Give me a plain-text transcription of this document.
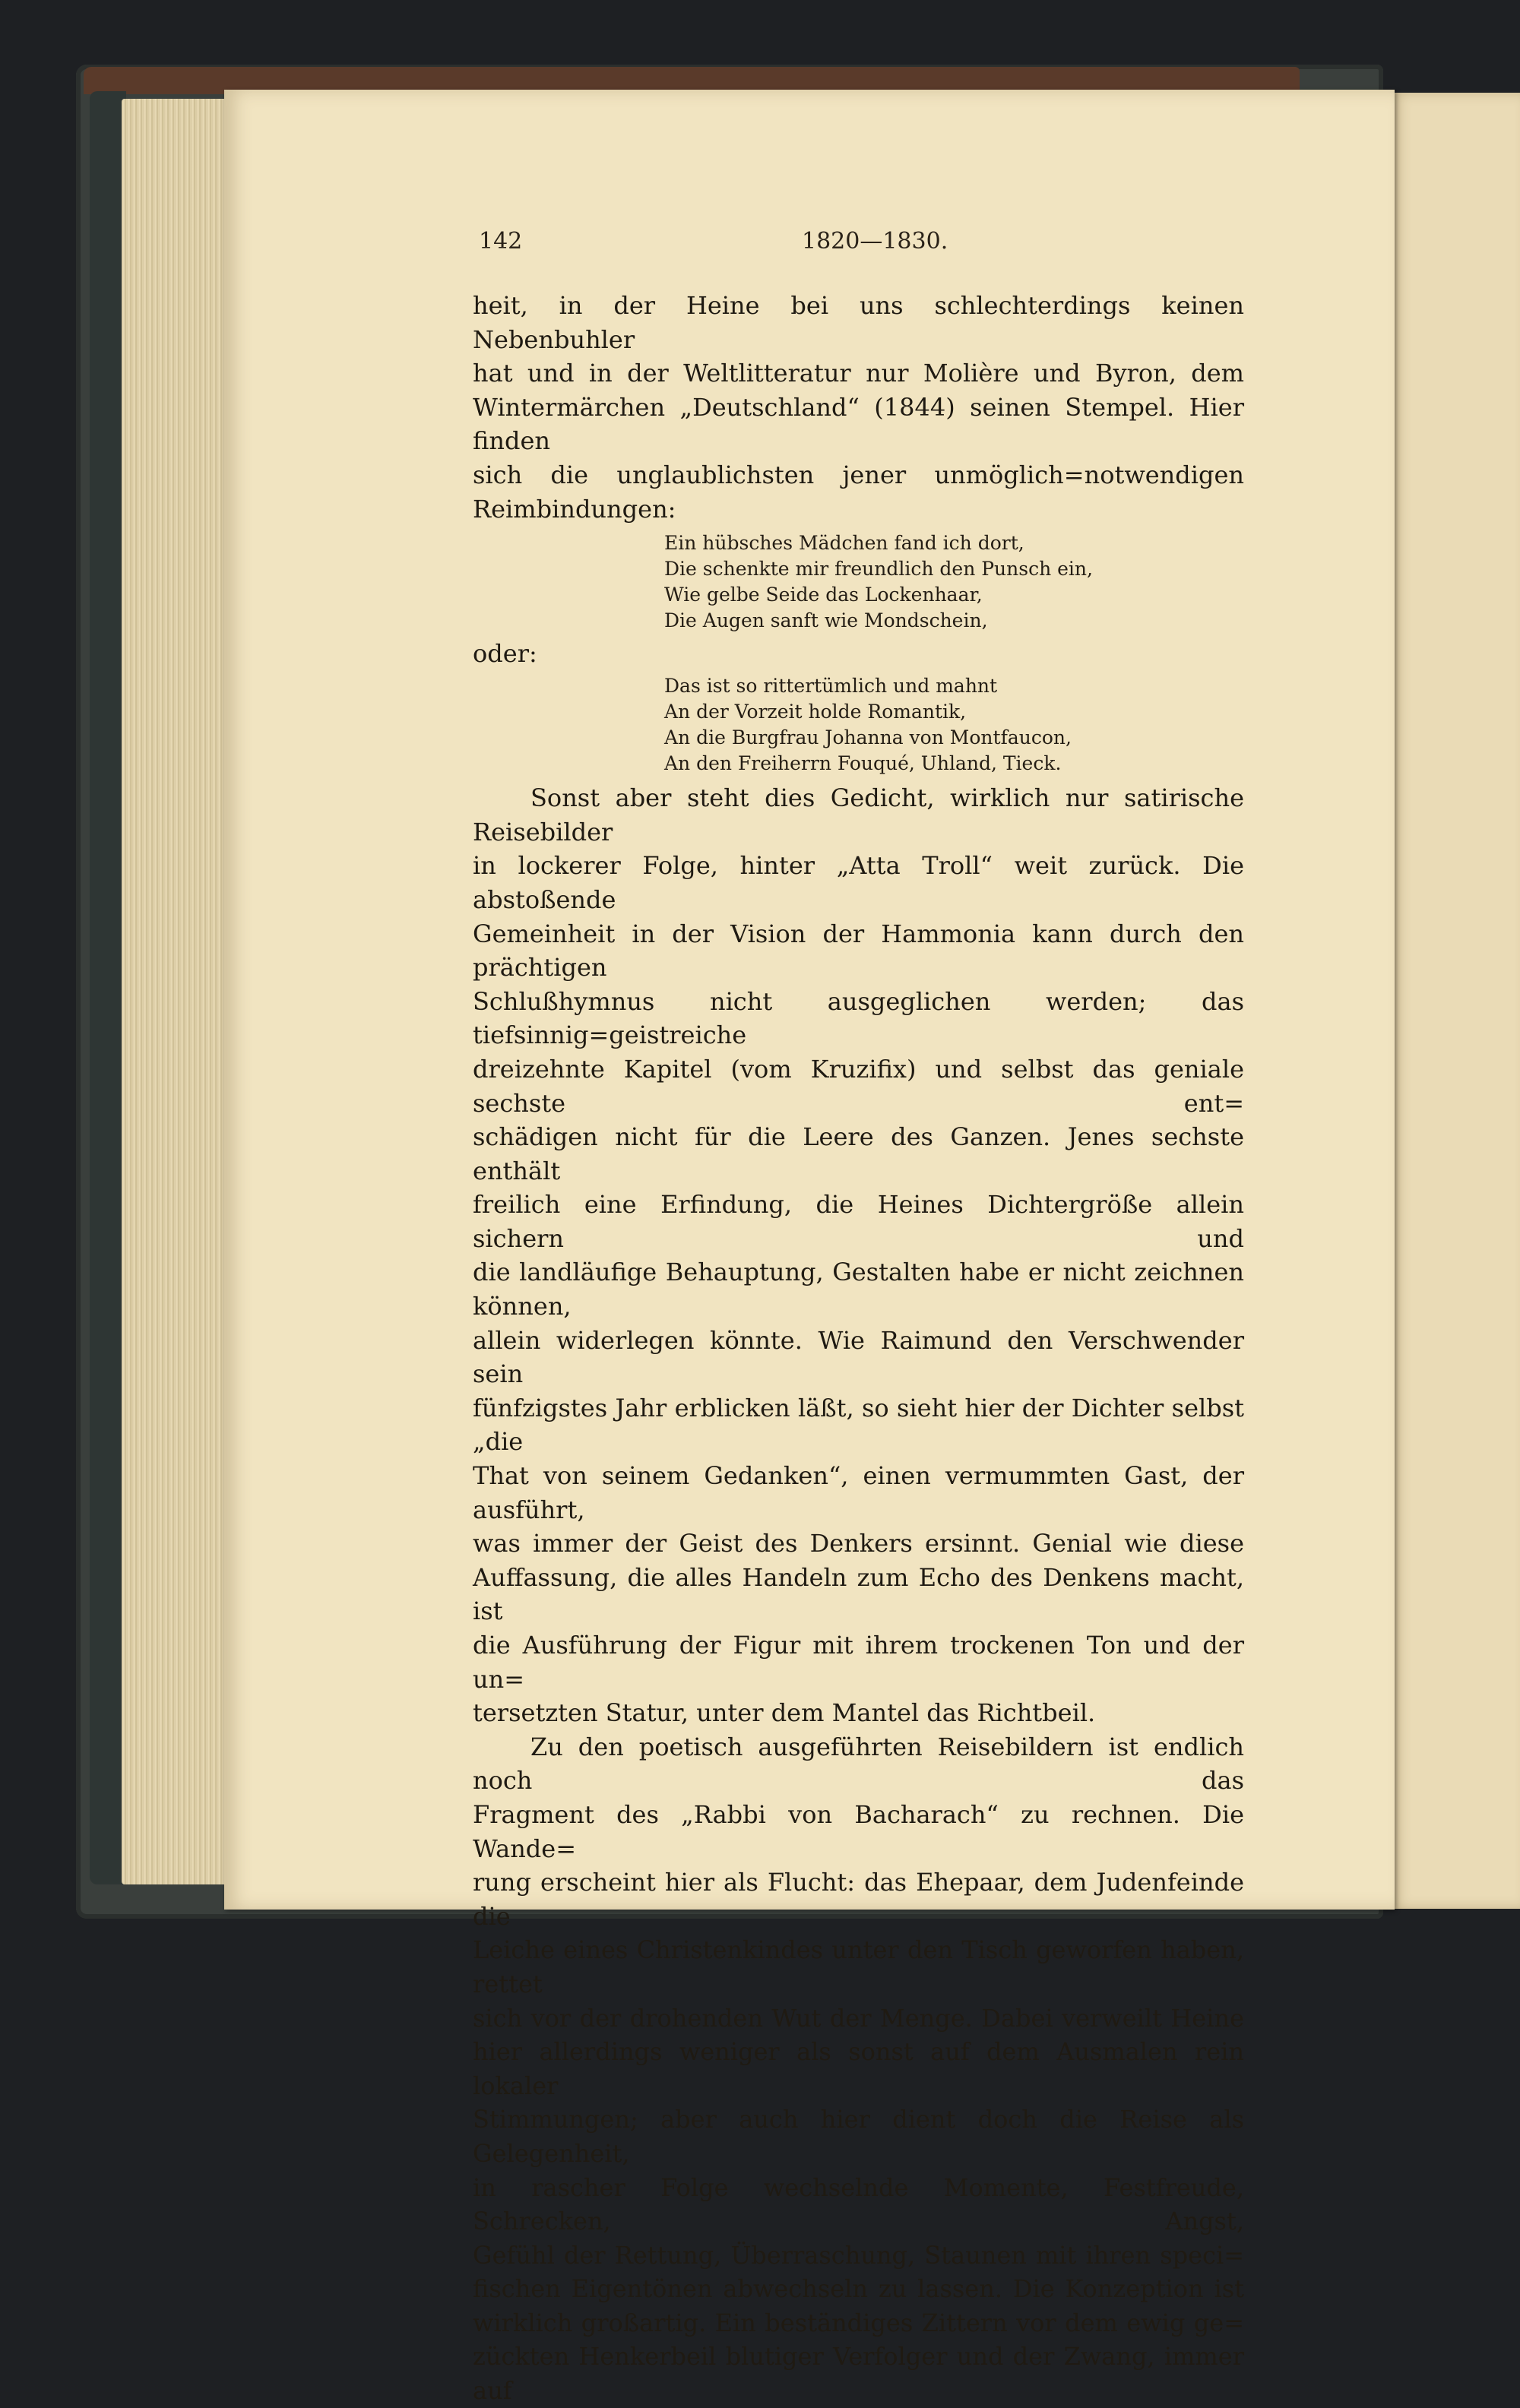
142	1820—1830.

heit, in der Heine bei uns schlechterdings keinen Nebenbuhler

hat und in der Weltlitteratur nur Molière und Byron, dem

Wintermärchen „Deutschland“ (1844) seinen Stempel. Hier finden

sich die unglaublichsten jener unmöglich=notwendigen Reimbindungen:

Ein hübsches Mädchen fand ich dort,
Die schenkte mir freundlich den Punsch ein,
Wie gelbe Seide das Lockenhaar,
Die Augen sanft wie Mondschein,

oder:

Das ist so rittertümlich und mahnt
An der Vorzeit holde Romantik,
An die Burgfrau Johanna von Montfaucon,
An den Freiherrn Fouqué, Uhland, Tieck.

Sonst aber steht dies Gedicht, wirklich nur satirische Reisebilder

in lockerer Folge, hinter „Atta Troll“ weit zurück. Die abstoßende

Gemeinheit in der Vision der Hammonia kann durch den prächtigen

Schlußhymnus nicht ausgeglichen werden; das tiefsinnig=geistreiche

dreizehnte Kapitel (vom Kruzifix) und selbst das geniale sechste ent=

schädigen nicht für die Leere des Ganzen. Jenes sechste enthält

freilich eine Erfindung, die Heines Dichtergröße allein sichern und

die landläufige Behauptung, Gestalten habe er nicht zeichnen können,

allein widerlegen könnte. Wie Raimund den Verschwender sein

fünfzigstes Jahr erblicken läßt, so sieht hier der Dichter selbst „die

That von seinem Gedanken“, einen vermummten Gast, der ausführt,

was immer der Geist des Denkers ersinnt. Genial wie diese

Auffassung, die alles Handeln zum Echo des Denkens macht, ist

die Ausführung der Figur mit ihrem trockenen Ton und der un=

tersetzten Statur, unter dem Mantel das Richtbeil.

Zu den poetisch ausgeführten Reisebildern ist endlich noch das

Fragment des „Rabbi von Bacharach“ zu rechnen. Die Wande=

rung erscheint hier als Flucht: das Ehepaar, dem Judenfeinde die

Leiche eines Christenkindes unter den Tisch geworfen haben, rettet

sich vor der drohenden Wut der Menge. Dabei verweilt Heine

hier allerdings weniger als sonst auf dem Ausmalen rein lokaler

Stimmungen; aber auch hier dient doch die Reise als Gelegenheit,

in rascher Folge wechselnde Momente, Festfreude, Schrecken, Angst,

Gefühl der Rettung, Überraschung, Staunen mit ihren speci=

fischen Eigentönen abwechseln zu lassen. Die Konzeption ist

wirklich großartig. Ein beständiges Zittern vor dem ewig ge=

zückten Henkerbeil blutiger Verfolger und der Zwang, immer auf
